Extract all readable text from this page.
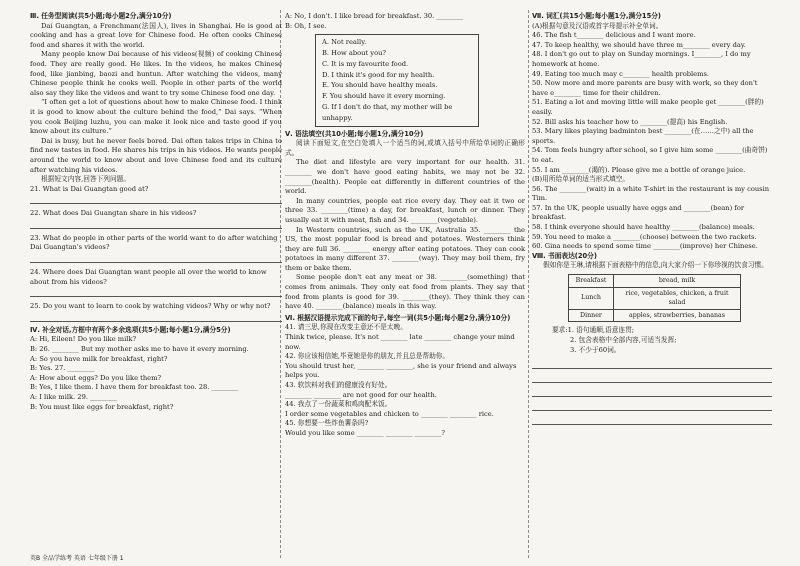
Ⅲ. 任务型阅读(共5小题;每小题2分,满分10分)

Dai Guangtan, a Frenchman(法国人), lives in Shanghai. He is good at cooking and has a great love for Chinese food. He often cooks Chinese food and shares it with the world.

Many people know Dai because of his videos(视频) of cooking Chinese food. They are really good. He likes. In the videos, he makes Chinese food, like jianbing, baozi and huntun. After watching the videos, many Chinese people think he cooks well. People in other parts of the world also say they like the videos and want to try some Chinese food one day.

“I often get a lot of questions about how to make Chinese food. I think it is good to know about the culture behind the food,” Dai says. “When you cook Beijing luzhu, you can make it look nice and taste good if you know about its culture.”

Dai is busy, but he never feels bored. Dai often takes trips in China to find new tastes in food. He shares his trips in his videos. He wants people around the world to know about and love Chinese food and its culture after watching his videos.

根据短文内容,回答下列问题。

21. What is Dai Guangtan good at?

22. What does Dai Guangtan share in his videos?

23. What do people in other parts of the world want to do after watching Dai Guangtan's videos?

24. Where does Dai Guangtan want people all over the world to know about from his videos?

25. Do you want to learn to cook by watching videos? Why or why not?

Ⅳ. 补全对话,方框中有两个多余选项(共5小题;每小题1分,满分5分)

A: Hi, Eileen! Do you like milk?

B: 26. ________ But my mother asks me to have it every morning.

A: So you have milk for breakfast, right?

B: Yes. 27. ________

A: How about eggs? Do you like them?

B: Yes, I like them. I have them for breakfast too. 28. ________

A: I like milk. 29. ________

B: You must like eggs for breakfast, right?

A: No, I don't. I like bread for breakfast. 30. ________

B: Oh, I see.

A. Not really.
B. How about you?
C. It is my favourite food.
D. I think it's good for my health.
E. You should have healthy meals.
F. You should have it every morning.
G. If I don't do that, my mother will be unhappy.

Ⅴ. 语法填空(共10小题;每小题1分,满分10分)

阅读下面短文,在空白处填入一个适当的词,或填入括号中所给单词的正确形式。

The diet and lifestyle are very important for our health. 31. ________ we don't have good eating habits, we may not be 32. ________(health). People eat differently in different countries of the world.

In many countries, people eat rice every day. They eat it two or three 33. ________(time) a day, for breakfast, lunch or dinner. They usually eat it with meat, fish and 34. ________(vegetable).

In Western countries, such as the UK, Australia 35. ________ the US, the most popular food is bread and potatoes. Westerners think they are full 36. ________ energy after eating potatoes. They can cook potatoes in many different 37. ________(way). They may boil them, fry them or bake them.

Some people don't eat any meat or 38. ________(something) that comes from animals. They only eat food from plants. They say that food from plants is good for 39. ________(they). They think they can have 40. ________(balance) meals in this way.

Ⅵ. 根据汉语提示完成下面的句子,每空一词(共5小题;每小题2分,满分10分)

41. 请三思,你现在改变主意还不是太晚。

Think twice, please. It's not ________ late ________ change your mind now.

42. 你应该相信她,毕竟她是你的朋友,并且总是帮助你。

You should trust her, ________ ________, she is your friend and always helps you.

43. 软饮料对我们的健康没有好处。

________ ________ are not good for our health.

44. 我点了一份蔬菜和鸡肉配米饭。

I order some vegetables and chicken to ________ ________ rice.

45. 你想要一些炸鱼薯条吗?

Would you like some ________ ________ ________?

Ⅶ. 词汇(共15小题;每小题1分,满分15分)

(A)根据句意及汉语或首字母提示补全单词。

46. The fish t________ delicious and I want more.

47. To keep healthy, we should have three m________ every day.

48. I don't go out to play on Sunday mornings. I________, I do my homework at home.

49. Eating too much may c________ health problems.

50. Now more and more parents are busy with work, so they don't have e________ time for their children.

51. Eating a lot and moving little will make people get ________(胖的) easily.

52. Bill asks his teacher how to ________(提高) his English.

53. Mary likes playing badminton best ________(在……之中) all the sports.

54. Tom feels hungry after school, so I give him some ________(曲奇饼) to eat.

55. I am ________(渴的). Please give me a bottle of orange juice.

(B)用所给单词的适当形式填空。

56. The ________(wait) in a white T-shirt in the restaurant is my cousin Tim.

57. In the UK, people usually have eggs and ________(bean) for breakfast.

58. I think everyone should have healthy ________(balance) meals.

59. You need to make a ________(choose) between the two rackets.

60. Gina needs to spend some time ________(improve) her Chinese.

Ⅷ. 书面表达(20分)

假如你是王琳,请根据下面表格中的信息,向大家介绍一下你珍视的饮食习惯。

Breakfast	bread, milk
Lunch	rice, vegetables, chicken, a fruit salad
Dinner	apples, strawberries, bananas

要求:1. 语句通顺,语意连贯;

2. 包含表格中全部内容,可适当发挥;

3. 不少于60词。

英B 全品学练考 英语 七年级下册 1
